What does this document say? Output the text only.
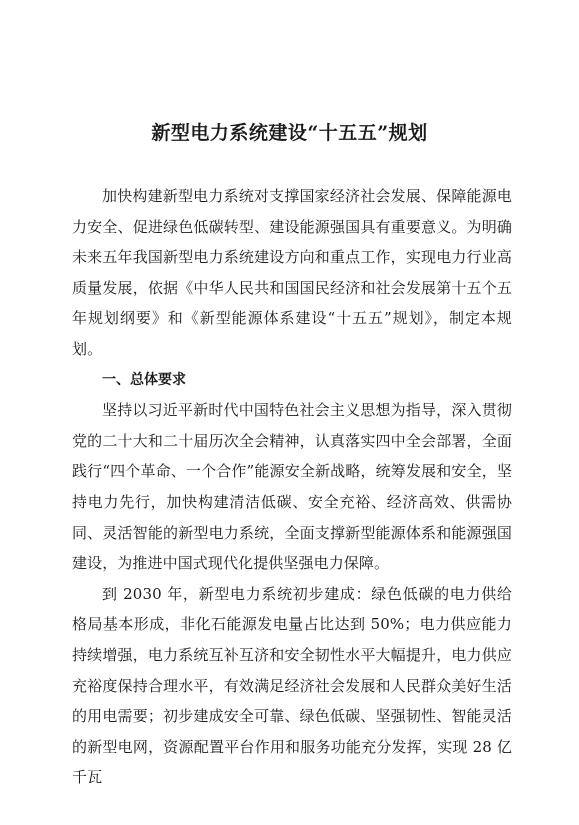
新型电力系统建设“十五五”规划

加快构建新型电力系统对支撑国家经济社会发展、保障能源电力安全、促进绿色低碳转型、建设能源强国具有重要意义。为明确未来五年我国新型电力系统建设方向和重点工作，实现电力行业高质量发展，依据《中华人民共和国国民经济和社会发展第十五个五年规划纲要》和《新型能源体系建设“十五五”规划》，制定本规划。

一、总体要求

坚持以习近平新时代中国特色社会主义思想为指导，深入贯彻党的二十大和二十届历次全会精神，认真落实四中全会部署，全面践行“四个革命、一个合作”能源安全新战略，统筹发展和安全，坚持电力先行，加快构建清洁低碳、安全充裕、经济高效、供需协同、灵活智能的新型电力系统，全面支撑新型能源体系和能源强国建设，为推进中国式现代化提供坚强电力保障。

到 2030 年，新型电力系统初步建成：绿色低碳的电力供给格局基本形成，非化石能源发电量占比达到 50%；电力供应能力持续增强，电力系统互补互济和安全韧性水平大幅提升，电力供应充裕度保持合理水平，有效满足经济社会发展和人民群众美好生活的用电需要；初步建成安全可靠、绿色低碳、坚强韧性、智能灵活的新型电网，资源配置平台作用和服务功能充分发挥，实现 28 亿千瓦
